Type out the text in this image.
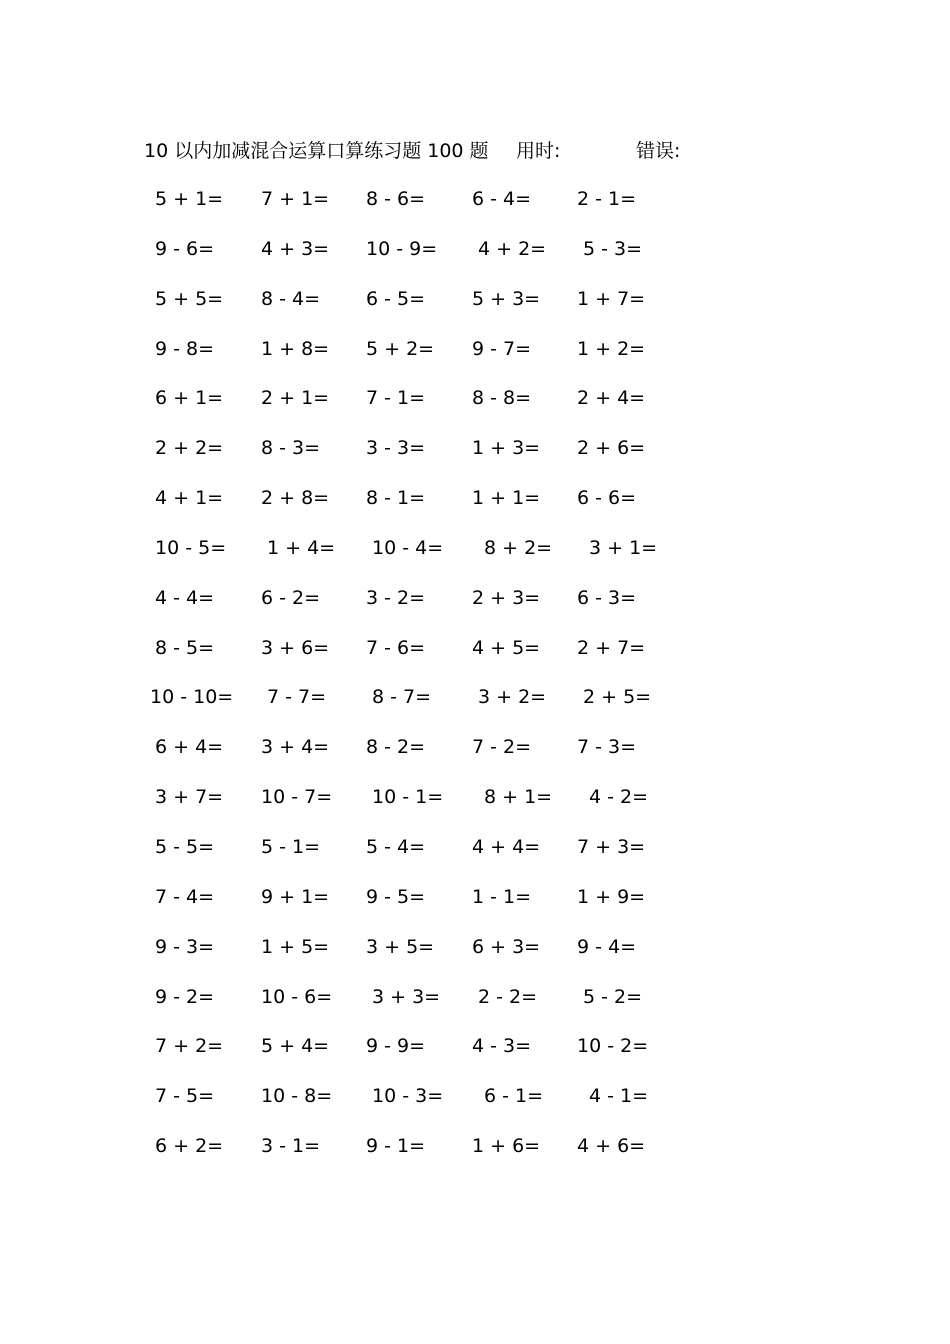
10 以内加减混合运算口算练习题 100 题 用时:	错误:
5 + 1= 7 + 1= 8 - 6= 6 - 4= 2 - 1=
9 - 6= 4 + 3= 10 - 9= 4 + 2= 5 - 3=
5 + 5= 8 - 4= 6 - 5= 5 + 3= 1 + 7=
9 - 8= 1 + 8= 5 + 2= 9 - 7= 1 + 2=
6 + 1= 2 + 1= 7 - 1= 8 - 8= 2 + 4=
2 + 2= 8 - 3= 3 - 3= 1 + 3= 2 + 6=
4 + 1= 2 + 8= 8 - 1= 1 + 1= 6 - 6=
10 - 5= 1 + 4= 10 - 4= 8 + 2= 3 + 1=
4 - 4= 6 - 2= 3 - 2= 2 + 3= 6 - 3=
8 - 5= 3 + 6= 7 - 6= 4 + 5= 2 + 7=
10 - 10= 7 - 7= 8 - 7= 3 + 2= 2 + 5=
6 + 4= 3 + 4= 8 - 2= 7 - 2= 7 - 3=
3 + 7= 10 - 7= 10 - 1= 8 + 1= 4 - 2=
5 - 5= 5 - 1= 5 - 4= 4 + 4= 7 + 3=
7 - 4= 9 + 1= 9 - 5= 1 - 1= 1 + 9=
9 - 3= 1 + 5= 3 + 5= 6 + 3= 9 - 4=
9 - 2= 10 - 6= 3 + 3= 2 - 2= 5 - 2=
7 + 2= 5 + 4= 9 - 9= 4 - 3= 10 - 2=
7 - 5= 10 - 8= 10 - 3= 6 - 1= 4 - 1=
6 + 2= 3 - 1= 9 - 1= 1 + 6= 4 + 6=
